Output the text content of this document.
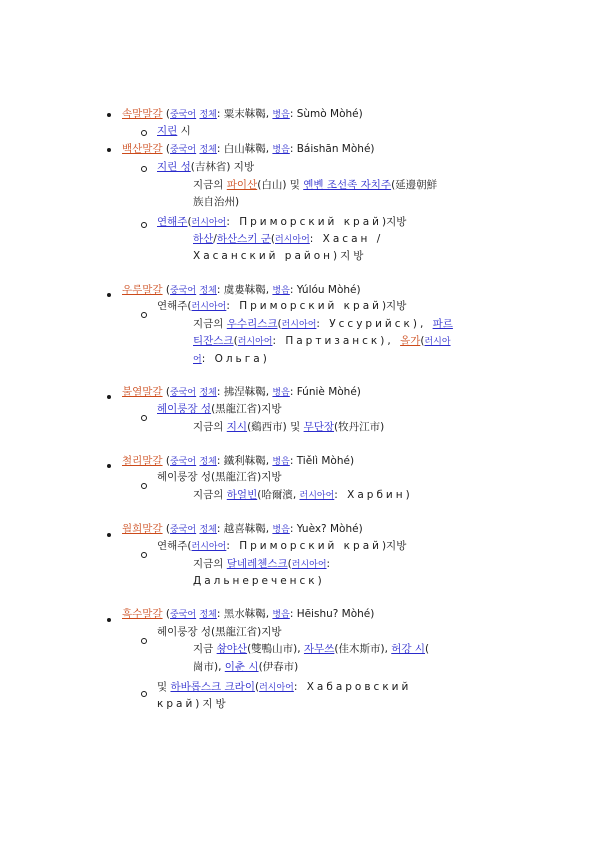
속말말갈 (중국어 정체: 粟末靺鞨, 병음: Sùmò Mòhé)
지린 시
백산말갈 (중국어 정체: 白山靺鞨, 병음: Báishān Mòhé)
지린 성(吉林省) 지방
지금의 파이산(白山) 및 옌볜 조선족 자치주(延邊朝鮮
族自治州)
연해주(러시아어: Приморский край)지방
하산/하산스키 군(러시아어: Хасан /
Хасанский район)지방
우루말갈 (중국어 정체: 虞婁靺鞨, 병음: Yúlóu Mòhé)
연해주(러시아어: Приморский край)지방
지금의 우수리스크(러시아어: Уссурийск), 파르
티잔스크(러시아어: Партизанск), 올가(러시아
어: Ольга)
불열말갈 (중국어 정체: 拂涅靺鞨, 병음: Fúniè Mòhé)
헤이룽장 성(黑龍江省)지방
지금의 지시(鷄西市) 및 무단장(牧丹江市)
철리말갈 (중국어 정체: 鐵利靺鞨, 병음: Tiělì Mòhé)
헤이룽장 성(黑龍江省)지방
지금의 하얼빈(哈爾濱, 러시아어: Харбин)
월희말갈 (중국어 정체: 越喜靺鞨, 병음: Yuèx? Mòhé)
연해주(러시아어: Приморский край)지방
지금의 달네레첸스크(러시아어:
Дальнереченск)
흑수말갈 (중국어 정체: 黑水靺鞨, 병음: Hēishu? Mòhé)
헤이룽장 성(黑龍江省)지방
지금 솽야산(雙鴨山市), 자무쓰(佳木斯市), 허강 시(
崗市), 이춘 시(伊春市)
및 하바롭스크 크라이(러시아어: Хабаровский
край)지방
